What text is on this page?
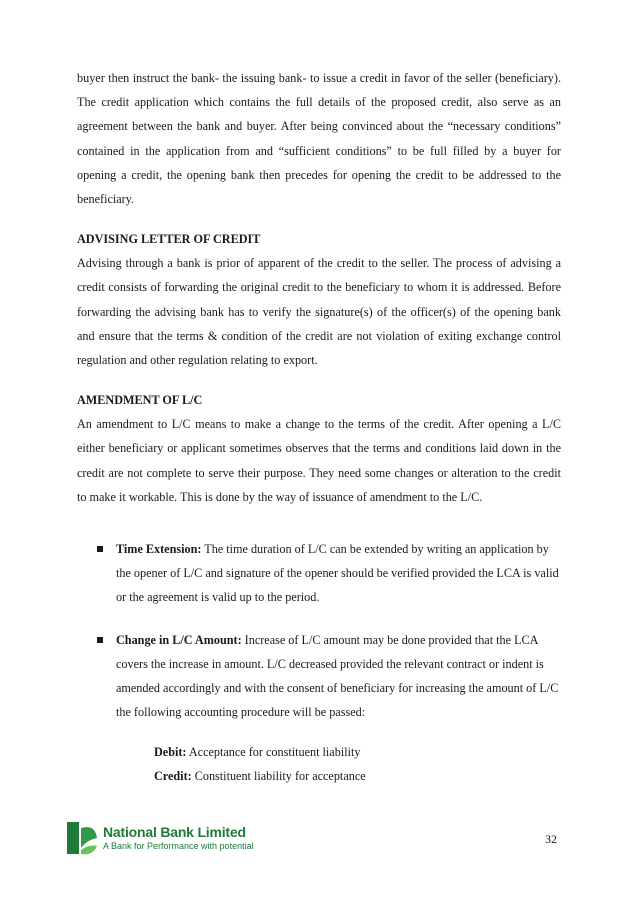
buyer then instruct the bank- the issuing bank- to issue a credit in favor of the seller (beneficiary). The credit application which contains the full details of the proposed credit, also serve as an agreement between the bank and buyer. After being convinced about the “necessary conditions” contained in the application from and “sufficient conditions” to be full filled by a buyer for opening a credit, the opening bank then precedes for opening the credit to be addressed to the beneficiary.

ADVISING LETTER OF CREDIT

Advising through a bank is prior of apparent of the credit to the seller. The process of advising a credit consists of forwarding the original credit to the beneficiary to whom it is addressed. Before forwarding the advising bank has to verify the signature(s) of the officer(s) of the opening bank and ensure that the terms & condition of the credit are not violation of exiting exchange control regulation and other regulation relating to export.

AMENDMENT OF L/C

An amendment to L/C means to make a change to the terms of the credit. After opening a L/C either beneficiary or applicant sometimes observes that the terms and conditions laid down in the credit are not complete to serve their purpose. They need some changes or alteration to the credit to make it workable. This is done by the way of issuance of amendment to the L/C.

Time Extension: The time duration of L/C can be extended by writing an application by the opener of L/C and signature of the opener should be verified provided the LCA is valid or the agreement is valid up to the period.

Change in L/C Amount: Increase of L/C amount may be done provided that the LCA covers the increase in amount. L/C decreased provided the relevant contract or indent is amended accordingly and with the consent of beneficiary for increasing the amount of L/C the following accounting procedure will be passed:

Debit: Acceptance for constituent liability

Credit: Constituent liability for acceptance

National Bank Limited
A Bank for Performance with potential	32
